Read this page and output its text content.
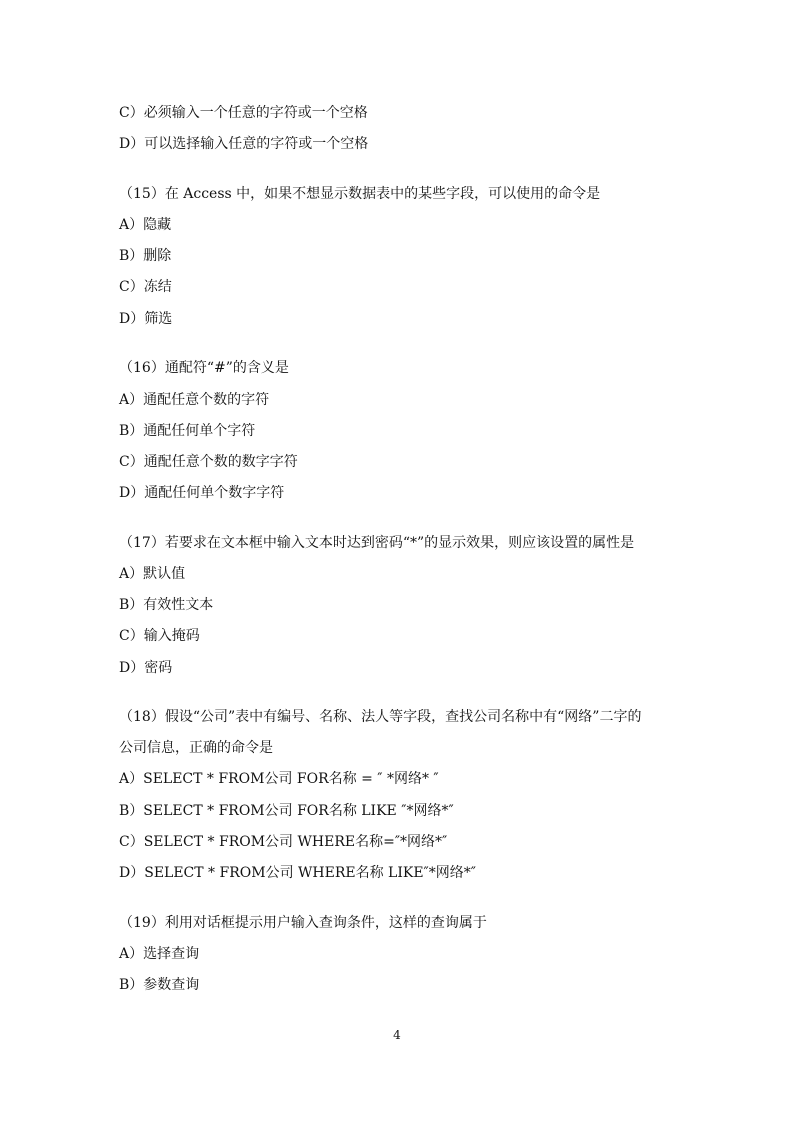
C）必须输入一个任意的字符或一个空格
D）可以选择输入任意的字符或一个空格
（15）在 Access 中，如果不想显示数据表中的某些字段，可以使用的命令是
A）隐藏
B）删除
C）冻结
D）筛选
（16）通配符“#”的含义是
A）通配任意个数的字符
B）通配任何单个字符
C）通配任意个数的数字字符
D）通配任何单个数字字符
（17）若要求在文本框中输入文本时达到密码“*”的显示效果，则应该设置的属性是
A）默认值
B）有效性文本
C）输入掩码
D）密码
（18）假设“公司”表中有编号、名称、法人等字段，查找公司名称中有“网络”二字的
公司信息，正确的命令是
A）SELECT * FROM公司 FOR名称 = ″ *网络* ″
B）SELECT * FROM公司 FOR名称 LIKE ″*网络*″
C）SELECT * FROM公司 WHERE名称=″*网络*″
D）SELECT * FROM公司 WHERE名称 LIKE″*网络*″
（19）利用对话框提示用户输入查询条件，这样的查询属于
A）选择查询
B）参数查询
4
